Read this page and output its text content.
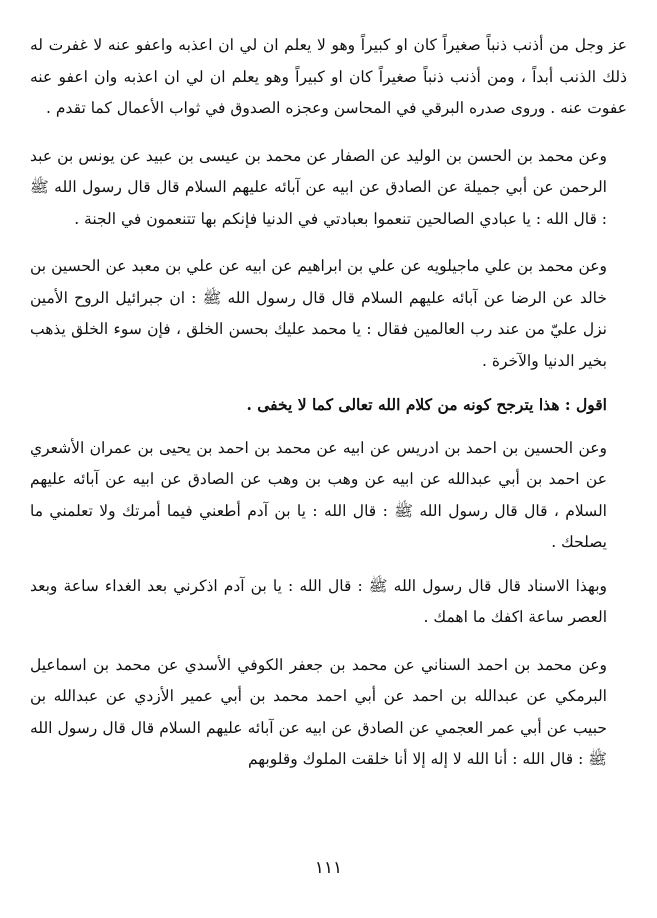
عز وجل من أذنب ذنباً صغيراً كان او كبيراً وهو لا يعلم ان لي ان اعذبه واعفو عنه لا غفرت له ذلك الذنب أبداً ، ومن أذنب ذنباً صغيراً كان او كبيراً وهو يعلم ان لي ان اعذبه وان اعفو عنه عفوت عنه . وروى صدره البرقي في المحاسن وعجزه الصدوق في ثواب الأعمال كما تقدم .

وعن محمد بن الحسن بن الوليد عن الصفار عن محمد بن عيسى بن عبيد عن يونس بن عبد الرحمن عن أبي جميلة عن الصادق عن ابيه عن آبائه عليهم السلام قال قال رسول الله ﷺ : قال الله : يا عبادي الصالحين تنعموا بعبادتي في الدنيا فإنكم بها تتنعمون في الجنة .

وعن محمد بن علي ماجيلويه عن علي بن ابراهيم عن ابيه عن علي بن معبد عن الحسين بن خالد عن الرضا عن آبائه عليهم السلام قال قال رسول الله ﷺ : ان جبرائيل الروح الأمين نزل عليّ من عند رب العالمين فقال : يا محمد عليك بحسن الخلق ، فإن سوء الخلق يذهب بخير الدنيا والآخرة .

اقول : هذا يترجح كونه من كلام الله تعالى كما لا يخفى .

وعن الحسين بن احمد بن ادريس عن ابيه عن محمد بن احمد بن يحيى بن عمران الأشعري عن احمد بن أبي عبدالله عن ابيه عن وهب بن وهب عن الصادق عن ابيه عن آبائه عليهم السلام ، قال قال رسول الله ﷺ : قال الله : يا بن آدم أطعني فيما أمرتك ولا تعلمني ما يصلحك .

وبهذا الاسناد قال قال رسول الله ﷺ : قال الله : يا بن آدم اذكرني بعد الغداء ساعة وبعد العصر ساعة اكفك ما اهمك .

وعن محمد بن احمد السناني عن محمد بن جعفر الكوفي الأسدي عن محمد بن اسماعيل البرمكي عن عبدالله بن احمد عن أبي احمد محمد بن أبي عمير الأزدي عن عبدالله بن حبيب عن أبي عمر العجمي عن الصادق عن ابيه عن آبائه عليهم السلام قال قال رسول الله ﷺ : قال الله : أنا الله لا إله إلا أنا خلقت الملوك وقلوبهم

١١١
